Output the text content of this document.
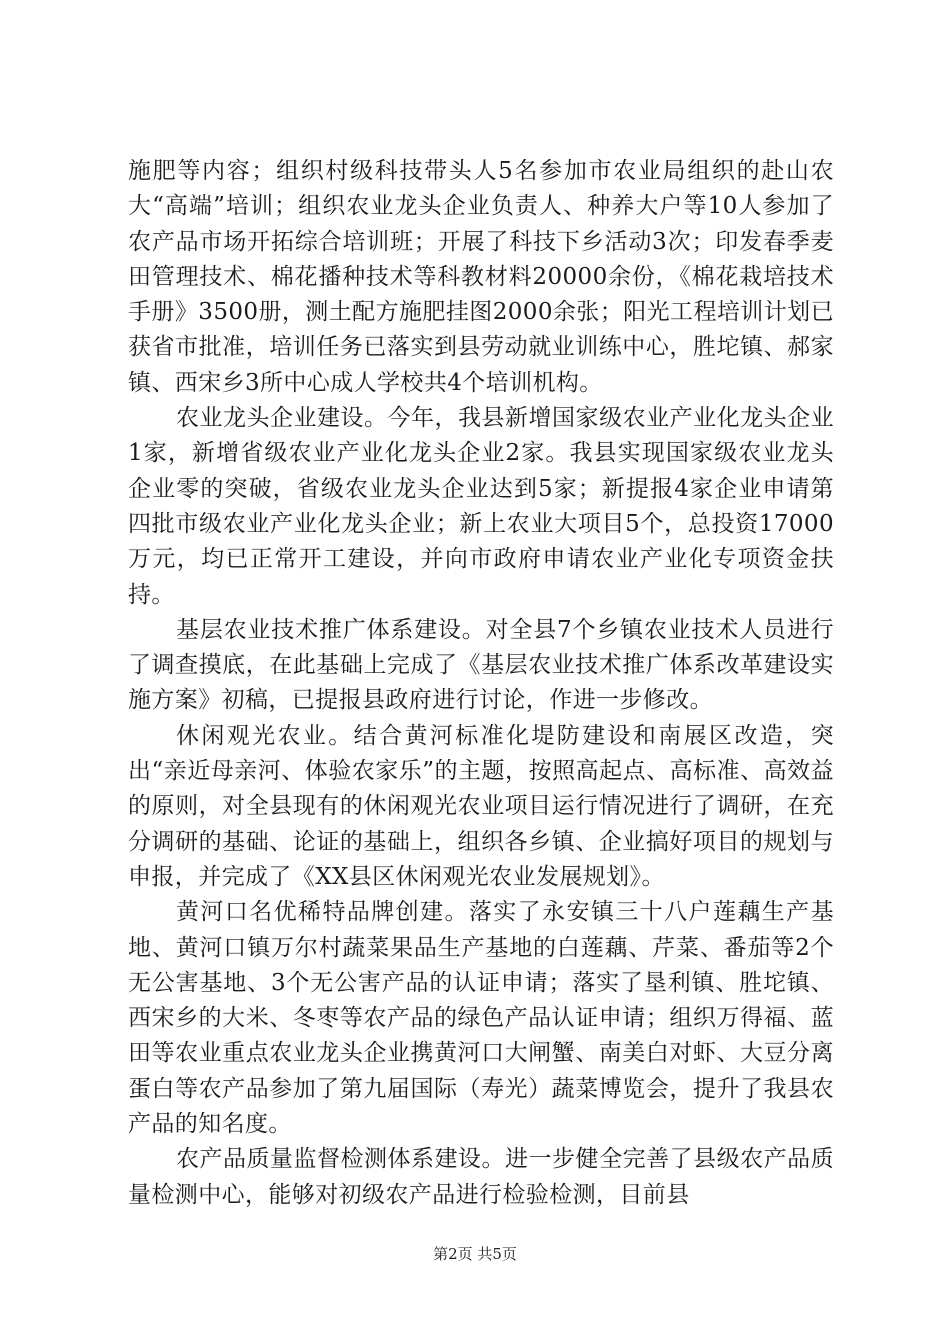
施肥等内容；组织村级科技带头人5名参加市农业局组织的赴山农大“高端”培训；组织农业龙头企业负责人、种养大户等10人参加了农产品市场开拓综合培训班；开展了科技下乡活动3次；印发春季麦田管理技术、棉花播种技术等科教材料20000余份，《棉花栽培技术手册》3500册，测土配方施肥挂图2000余张；阳光工程培训计划已获省市批准，培训任务已落实到县劳动就业训练中心，胜坨镇、郝家镇、西宋乡3所中心成人学校共4个培训机构。

农业龙头企业建设。今年，我县新增国家级农业产业化龙头企业1家，新增省级农业产业化龙头企业2家。我县实现国家级农业龙头企业零的突破，省级农业龙头企业达到5家；新提报4家企业申请第四批市级农业产业化龙头企业；新上农业大项目5个，总投资17000万元，均已正常开工建设，并向市政府申请农业产业化专项资金扶持。

基层农业技术推广体系建设。对全县7个乡镇农业技术人员进行了调查摸底，在此基础上完成了《基层农业技术推广体系改革建设实施方案》初稿，已提报县政府进行讨论，作进一步修改。

休闲观光农业。结合黄河标准化堤防建设和南展区改造，突出“亲近母亲河、体验农家乐”的主题，按照高起点、高标准、高效益的原则，对全县现有的休闲观光农业项目运行情况进行了调研，在充分调研的基础、论证的基础上，组织各乡镇、企业搞好项目的规划与申报，并完成了《XX县区休闲观光农业发展规划》。

黄河口名优稀特品牌创建。落实了永安镇三十八户莲藕生产基地、黄河口镇万尔村蔬菜果品生产基地的白莲藕、芹菜、番茄等2个无公害基地、3个无公害产品的认证申请；落实了垦利镇、胜坨镇、西宋乡的大米、冬枣等农产品的绿色产品认证申请；组织万得福、蓝田等农业重点农业龙头企业携黄河口大闸蟹、南美白对虾、大豆分离蛋白等农产品参加了第九届国际（寿光）蔬菜博览会，提升了我县农产品的知名度。

农产品质量监督检测体系建设。进一步健全完善了县级农产品质量检测中心，能够对初级农产品进行检验检测，目前县

第2页 共5页
